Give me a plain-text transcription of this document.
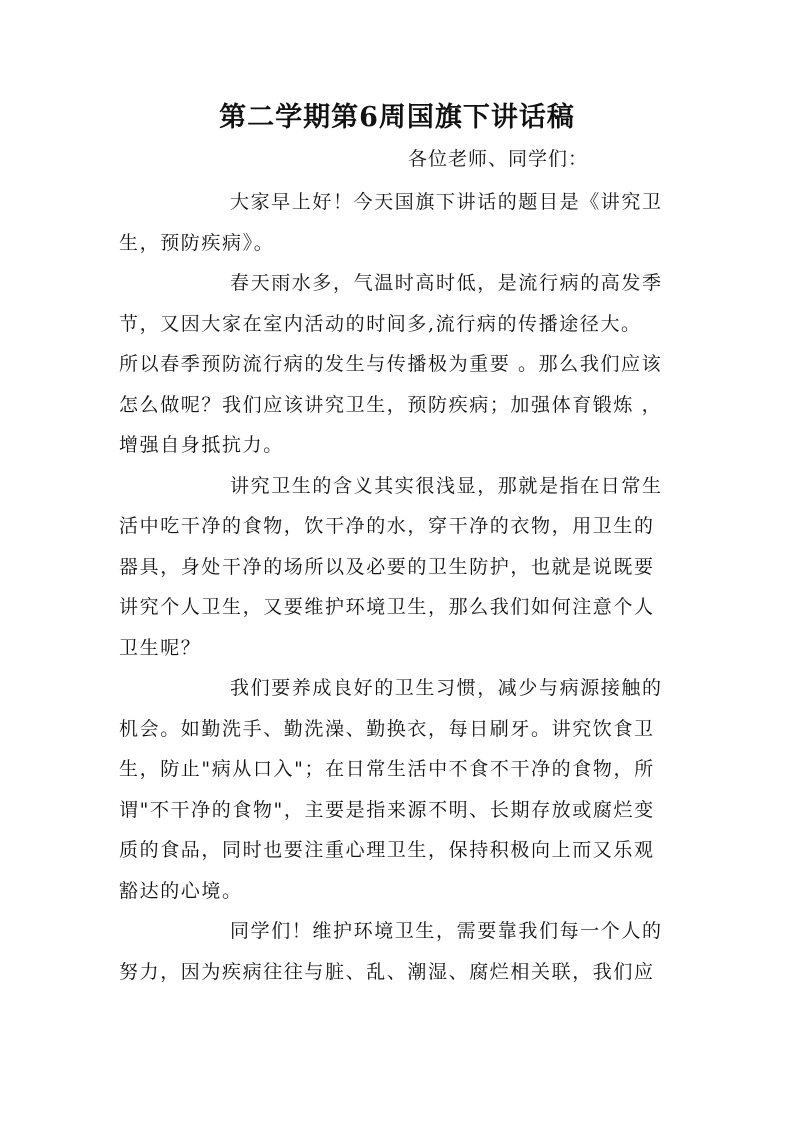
第二学期第6周国旗下讲话稿
各位老师、同学们：
大家早上好！今天国旗下讲话的题目是《讲究卫
生，预防疾病》。
春天雨水多，气温时高时低，是流行病的高发季
节，又因大家在室内活动的时间多,流行病的传播途径大。
所以春季预防流行病的发生与传播极为重要 。那么我们应该
怎么做呢？我们应该讲究卫生，预防疾病；加强体育锻炼 ，
增强自身抵抗力。
讲究卫生的含义其实很浅显，那就是指在日常生
活中吃干净的食物，饮干净的水，穿干净的衣物，用卫生的
器具，身处干净的场所以及必要的卫生防护，也就是说既要
讲究个人卫生，又要维护环境卫生，那么我们如何注意个人
卫生呢？
我们要养成良好的卫生习惯，减少与病源接触的
机会。如勤洗手、勤洗澡、勤换衣，每日刷牙。讲究饮食卫
生，防止"病从口入"；在日常生活中不食不干净的食物，所
谓"不干净的食物"，主要是指来源不明、长期存放或腐烂变
质的食品，同时也要注重心理卫生，保持积极向上而又乐观
豁达的心境。
同学们！维护环境卫生，需要靠我们每一个人的
努力，因为疾病往往与脏、乱、潮湿、腐烂相关联，我们应
